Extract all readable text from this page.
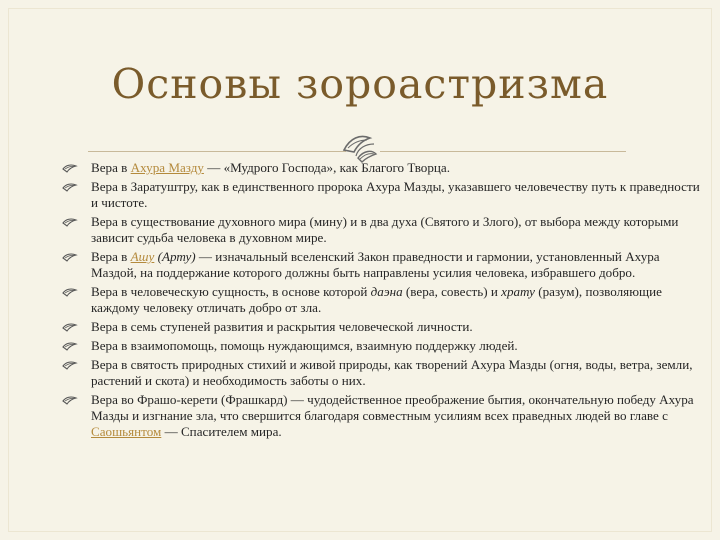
Основы зороастризма
Вера в Ахура Мазду — «Мудрого Господа», как Благого Творца.
Вера в Заратуштру, как в единственного пророка Ахура Мазды, указавшего человечеству путь к праведности и чистоте.
Вера в существование духовного мира (мину) и в два духа (Святого и Злого), от выбора между которыми зависит судьба человека в духовном мире.
Вера в Ашу (Арту) — изначальный вселенский Закон праведности и гармонии, установленный Ахура Маздой, на поддержание которого должны быть направлены усилия человека, избравшего добро.
Вера в человеческую сущность, в основе которой даэна (вера, совесть) и храту (разум), позволяющие каждому человеку отличать добро от зла.
Вера в семь ступеней развития и раскрытия человеческой личности.
Вера в взаимопомощь, помощь нуждающимся, взаимную поддержку людей.
Вера в святость природных стихий и живой природы, как творений Ахура Мазды (огня, воды, ветра, земли, растений и скота) и необходимость заботы о них.
Вера во Фрашо-керети (Фрашкард) — чудодейственное преображение бытия, окончательную победу Ахура Мазды и изгнание зла, что свершится благодаря совместным усилиям всех праведных людей во главе с Саошьянтом — Спасителем мира.
